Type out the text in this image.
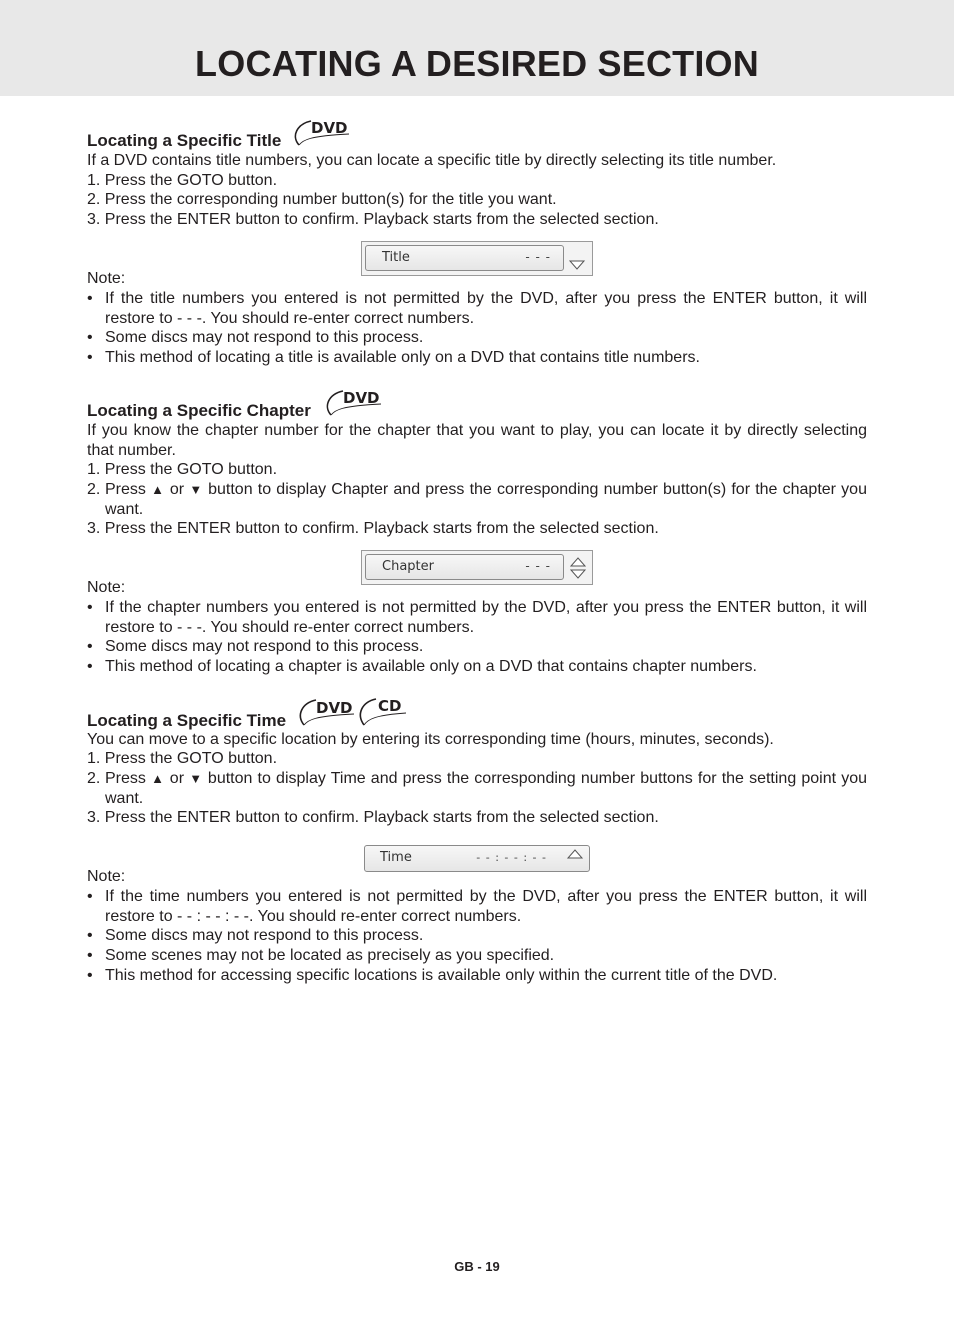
LOCATING A DESIRED SECTION
Locating a Specific Title
DVD
If a DVD contains title numbers, you can locate a specific title by directly selecting its title number.
1. Press the GOTO button.
2. Press the corresponding number button(s) for the title you want.
3. Press the ENTER button to confirm. Playback starts from the selected section.
Title	- - -
Note:
• If the title numbers you entered is not permitted by the DVD, after you press the ENTER button, it will restore to - - -. You should re-enter correct numbers.
• Some discs may not respond to this process.
• This method of locating a title is available only on a DVD that contains title numbers.
Locating a Specific Chapter
DVD
If you know the chapter number for the chapter that you want to play, you can locate it by directly selecting that number.
1. Press the GOTO button.
2. Press ▲ or ▼ button to display Chapter and press the corresponding number button(s) for the chapter you want.
3. Press the ENTER button to confirm. Playback starts from the selected section.
Chapter	- - -
Note:
• If the chapter numbers you entered is not permitted by the DVD, after you press the ENTER button, it will restore to - - -. You should re-enter correct numbers.
• Some discs may not respond to this process.
• This method of locating a chapter is available only on a DVD that contains chapter numbers.
Locating a Specific Time
DVD CD
You can move to a specific location by entering its corresponding time (hours, minutes, seconds).
1. Press the GOTO button.
2. Press ▲ or ▼ button to display Time and press the corresponding number buttons for the setting point you want.
3. Press the ENTER button to confirm. Playback starts from the selected section.
Time	- - : - - : - -
Note:
• If the time numbers you entered is not permitted by the DVD, after you press the ENTER button, it will restore to - - : - - : - -. You should re-enter correct numbers.
• Some discs may not respond to this process.
• Some scenes may not be located as precisely as you specified.
• This method for accessing specific locations is available only within the current title of the DVD.
GB - 19
